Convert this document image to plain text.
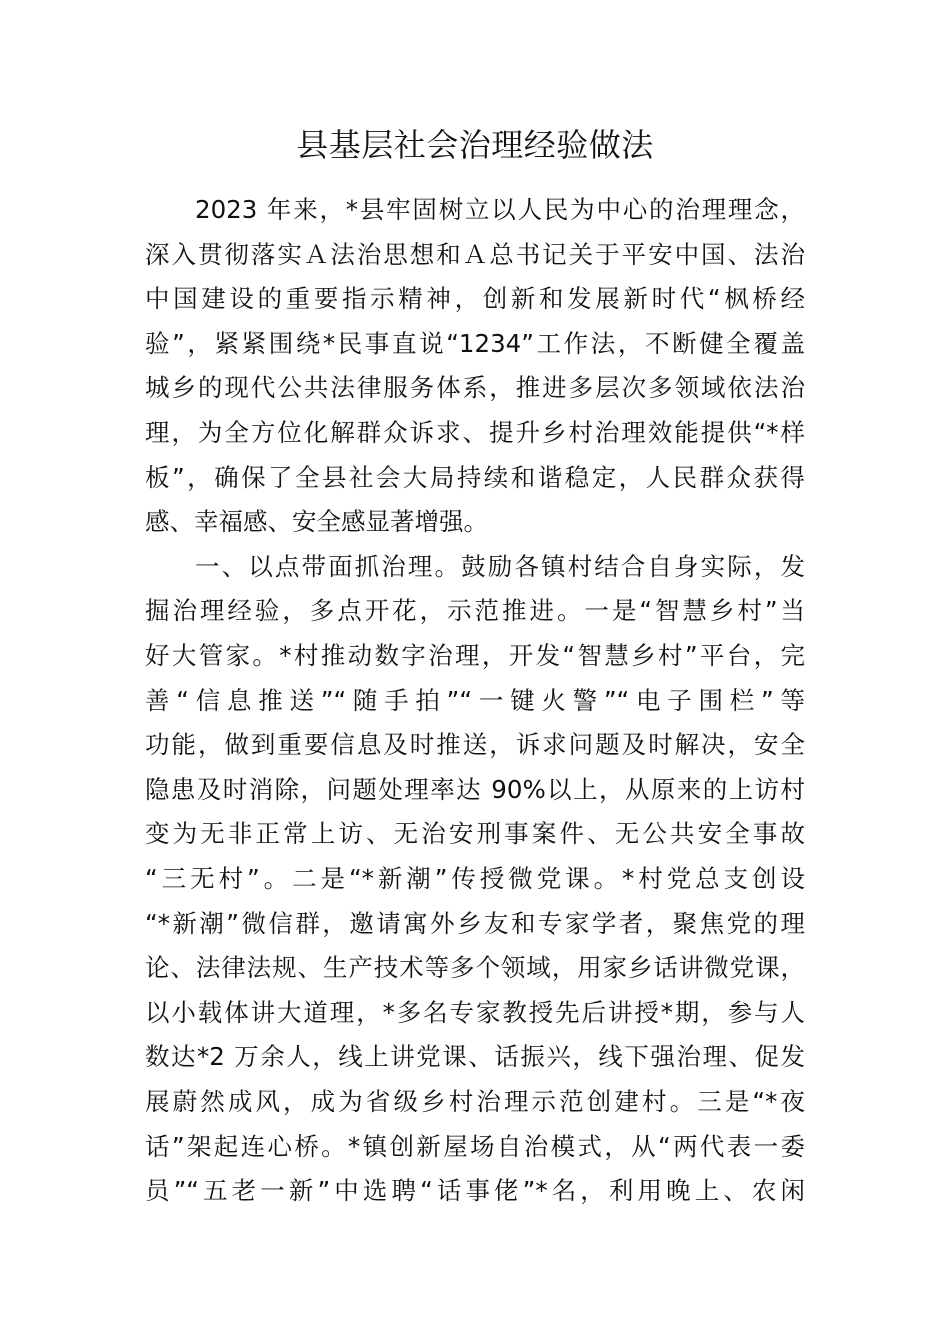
县基层社会治理经验做法
2023 年来，*县牢固树立以人民为中心的治理理念，
深入贯彻落实Ａ法治思想和Ａ总书记关于平安中国、法治
中国建设的重要指示精神，创新和发展新时代“枫桥经
验”，紧紧围绕*民事直说“1234”工作法，不断健全覆盖
城乡的现代公共法律服务体系，推进多层次多领域依法治
理，为全方位化解群众诉求、提升乡村治理效能提供“*样
板”，确保了全县社会大局持续和谐稳定，人民群众获得
感、幸福感、安全感显著增强。
一、以点带面抓治理。鼓励各镇村结合自身实际，发
掘治理经验，多点开花，示范推进。一是“智慧乡村”当
好大管家。*村推动数字治理，开发“智慧乡村”平台，完
善“信息推送”“随手拍”“一键火警”“电子围栏”等
功能，做到重要信息及时推送，诉求问题及时解决，安全
隐患及时消除，问题处理率达 90%以上，从原来的上访村
变为无非正常上访、无治安刑事案件、无公共安全事故
“三无村”。二是“*新潮”传授微党课。*村党总支创设
“*新潮”微信群，邀请寓外乡友和专家学者，聚焦党的理
论、法律法规、生产技术等多个领域，用家乡话讲微党课，
以小载体讲大道理，*多名专家教授先后讲授*期，参与人
数达*2 万余人，线上讲党课、话振兴，线下强治理、促发
展蔚然成风，成为省级乡村治理示范创建村。三是“*夜
话”架起连心桥。*镇创新屋场自治模式，从“两代表一委
员”“五老一新”中选聘“话事佬”*名，利用晚上、农闲
